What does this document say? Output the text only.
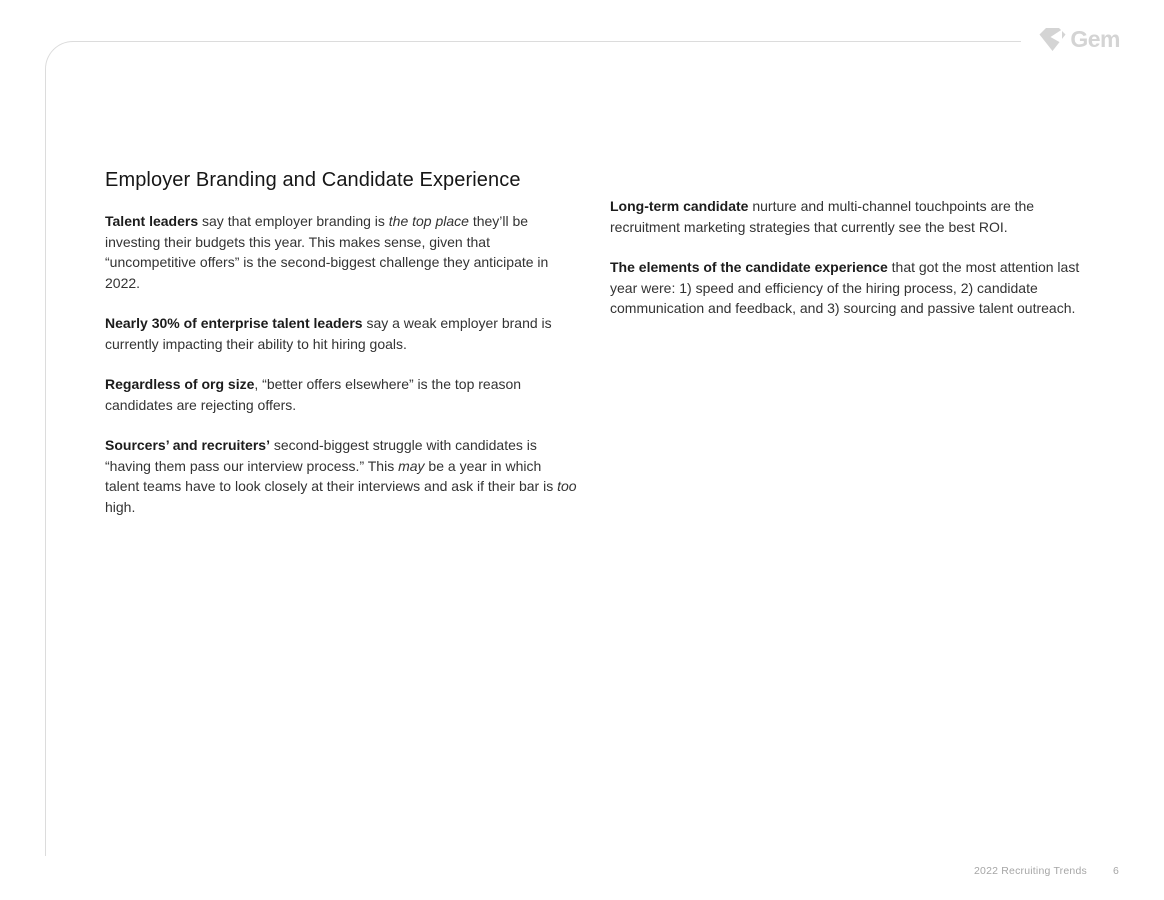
Gem
Employer Branding and Candidate Experience

Talent leaders say that employer branding is the top place they’ll be investing their budgets this year. This makes sense, given that “uncompetitive offers” is the second-biggest challenge they anticipate in 2022.

Nearly 30% of enterprise talent leaders say a weak employer brand is currently impacting their ability to hit hiring goals.

Regardless of org size, “better offers elsewhere” is the top reason candidates are rejecting offers.

Sourcers’ and recruiters’ second-biggest struggle with candidates is “having them pass our interview process.” This may be a year in which talent teams have to look closely at their interviews and ask if their bar is too high.

Long-term candidate nurture and multi-channel touchpoints are the recruitment marketing strategies that currently see the best ROI.

The elements of the candidate experience that got the most attention last year were: 1) speed and efficiency of the hiring process, 2) candidate communication and feedback, and 3) sourcing and passive talent outreach.

2022 Recruiting Trends 6
